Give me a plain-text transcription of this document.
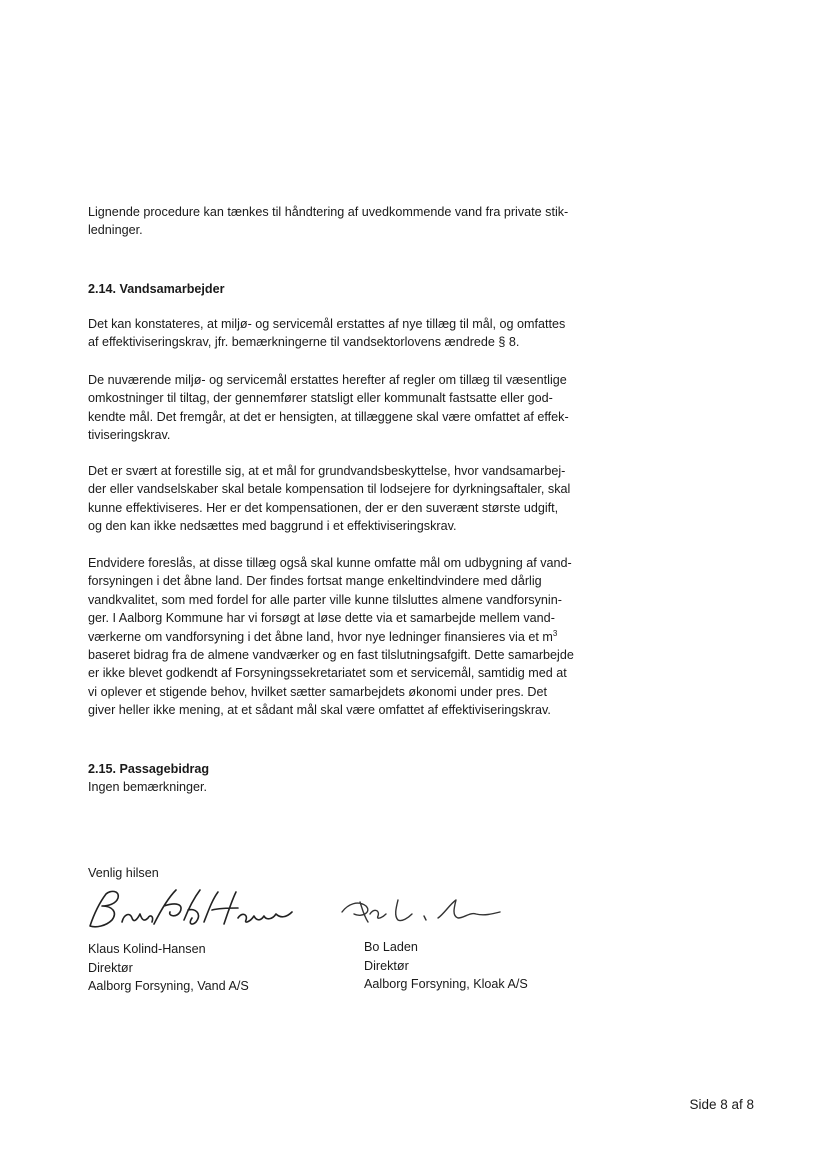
Lignende procedure kan tænkes til håndtering af uvedkommende vand fra private stik-
ledninger.
2.14. Vandsamarbejder
Det kan konstateres, at miljø- og servicemål erstattes af nye tillæg til mål, og omfattes
af effektiviseringskrav, jfr. bemærkningerne til vandsektorlovens ændrede § 8.
De nuværende miljø- og servicemål erstattes herefter af regler om tillæg til væsentlige
omkostninger til tiltag, der gennemfører statsligt eller kommunalt fastsatte eller god-
kendte mål. Det fremgår, at det er hensigten, at tillæggene skal være omfattet af effek-
tiviseringskrav.
Det er svært at forestille sig, at et mål for grundvandsbeskyttelse, hvor vandsamarbej-
der eller vandselskaber skal betale kompensation til lodsejere for dyrkningsaftaler, skal
kunne effektiviseres. Her er det kompensationen, der er den suverænt største udgift,
og den kan ikke nedsættes med baggrund i et effektiviseringskrav.
Endvidere foreslås, at disse tillæg også skal kunne omfatte mål om udbygning af vand-
forsyningen i det åbne land. Der findes fortsat mange enkeltindvindere med dårlig
vandkvalitet, som med fordel for alle parter ville kunne tilsluttes almene vandforsynin-
ger. I Aalborg Kommune har vi forsøgt at løse dette via et samarbejde mellem vand-
værkerne om vandforsyning i det åbne land, hvor nye ledninger finansieres via et $m^3$
baseret bidrag fra de almene vandværker og en fast tilslutningsafgift. Dette samarbejde
er ikke blevet godkendt af Forsyningssekretariatet som et servicemål, samtidig med at
vi oplever et stigende behov, hvilket sætter samarbejdets økonomi under pres. Det
giver heller ikke mening, at et sådant mål skal være omfattet af effektiviseringskrav.
2.15. Passagebidrag
Ingen bemærkninger.
Venlig hilsen
Klaus Kolind-Hansen
Direktør
Aalborg Forsyning, Vand A/S
Bo Laden
Direktør
Aalborg Forsyning, Kloak A/S
Side 8 af 8
